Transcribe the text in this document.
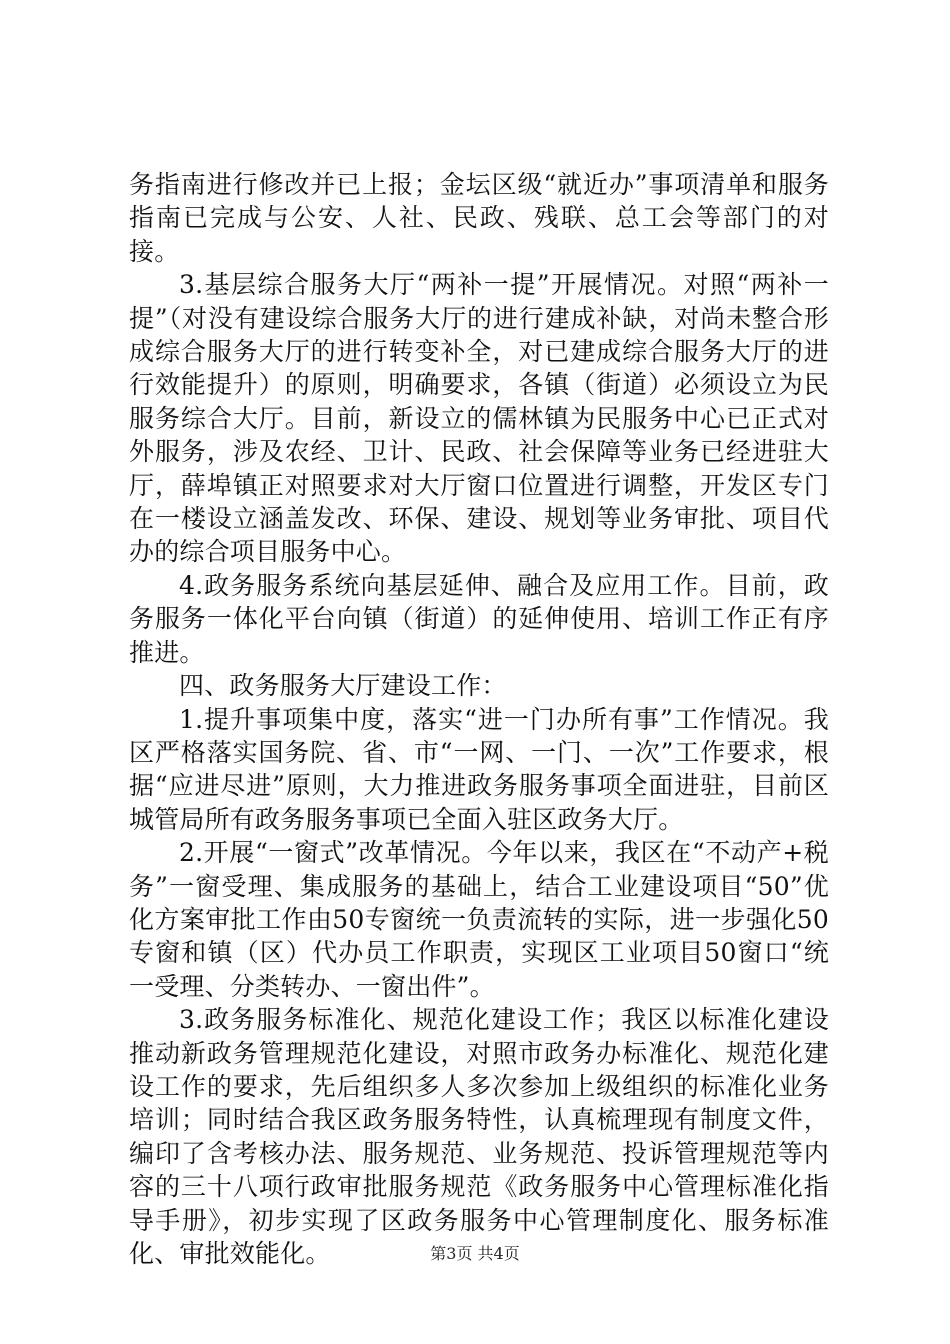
务指南进行修改并已上报；金坛区级“就近办”事项清单和服务指南已完成与公安、人社、民政、残联、总工会等部门的对接。

3.基层综合服务大厅“两补一提”开展情况。对照“两补一提”（对没有建设综合服务大厅的进行建成补缺，对尚未整合形成综合服务大厅的进行转变补全，对已建成综合服务大厅的进行效能提升）的原则，明确要求，各镇（街道）必须设立为民服务综合大厅。目前，新设立的儒林镇为民服务中心已正式对外服务，涉及农经、卫计、民政、社会保障等业务已经进驻大厅，薛埠镇正对照要求对大厅窗口位置进行调整，开发区专门在一楼设立涵盖发改、环保、建设、规划等业务审批、项目代办的综合项目服务中心。

4.政务服务系统向基层延伸、融合及应用工作。目前，政务服务一体化平台向镇（街道）的延伸使用、培训工作正有序推进。

四、政务服务大厅建设工作：

1.提升事项集中度，落实“进一门办所有事”工作情况。我区严格落实国务院、省、市“一网、一门、一次”工作要求，根据“应进尽进”原则，大力推进政务服务事项全面进驻，目前区城管局所有政务服务事项已全面入驻区政务大厅。

2.开展“一窗式”改革情况。今年以来，我区在“不动产+税务”一窗受理、集成服务的基础上，结合工业建设项目“50”优化方案审批工作由50专窗统一负责流转的实际，进一步强化50专窗和镇（区）代办员工作职责，实现区工业项目50窗口“统一受理、分类转办、一窗出件”。

3.政务服务标准化、规范化建设工作；我区以标准化建设推动新政务管理规范化建设，对照市政务办标准化、规范化建设工作的要求，先后组织多人多次参加上级组织的标准化业务培训；同时结合我区政务服务特性，认真梳理现有制度文件，编印了含考核办法、服务规范、业务规范、投诉管理规范等内容的三十八项行政审批服务规范《政务服务中心管理标准化指导手册》，初步实现了区政务服务中心管理制度化、服务标准化、审批效能化。	第3页 共4页
